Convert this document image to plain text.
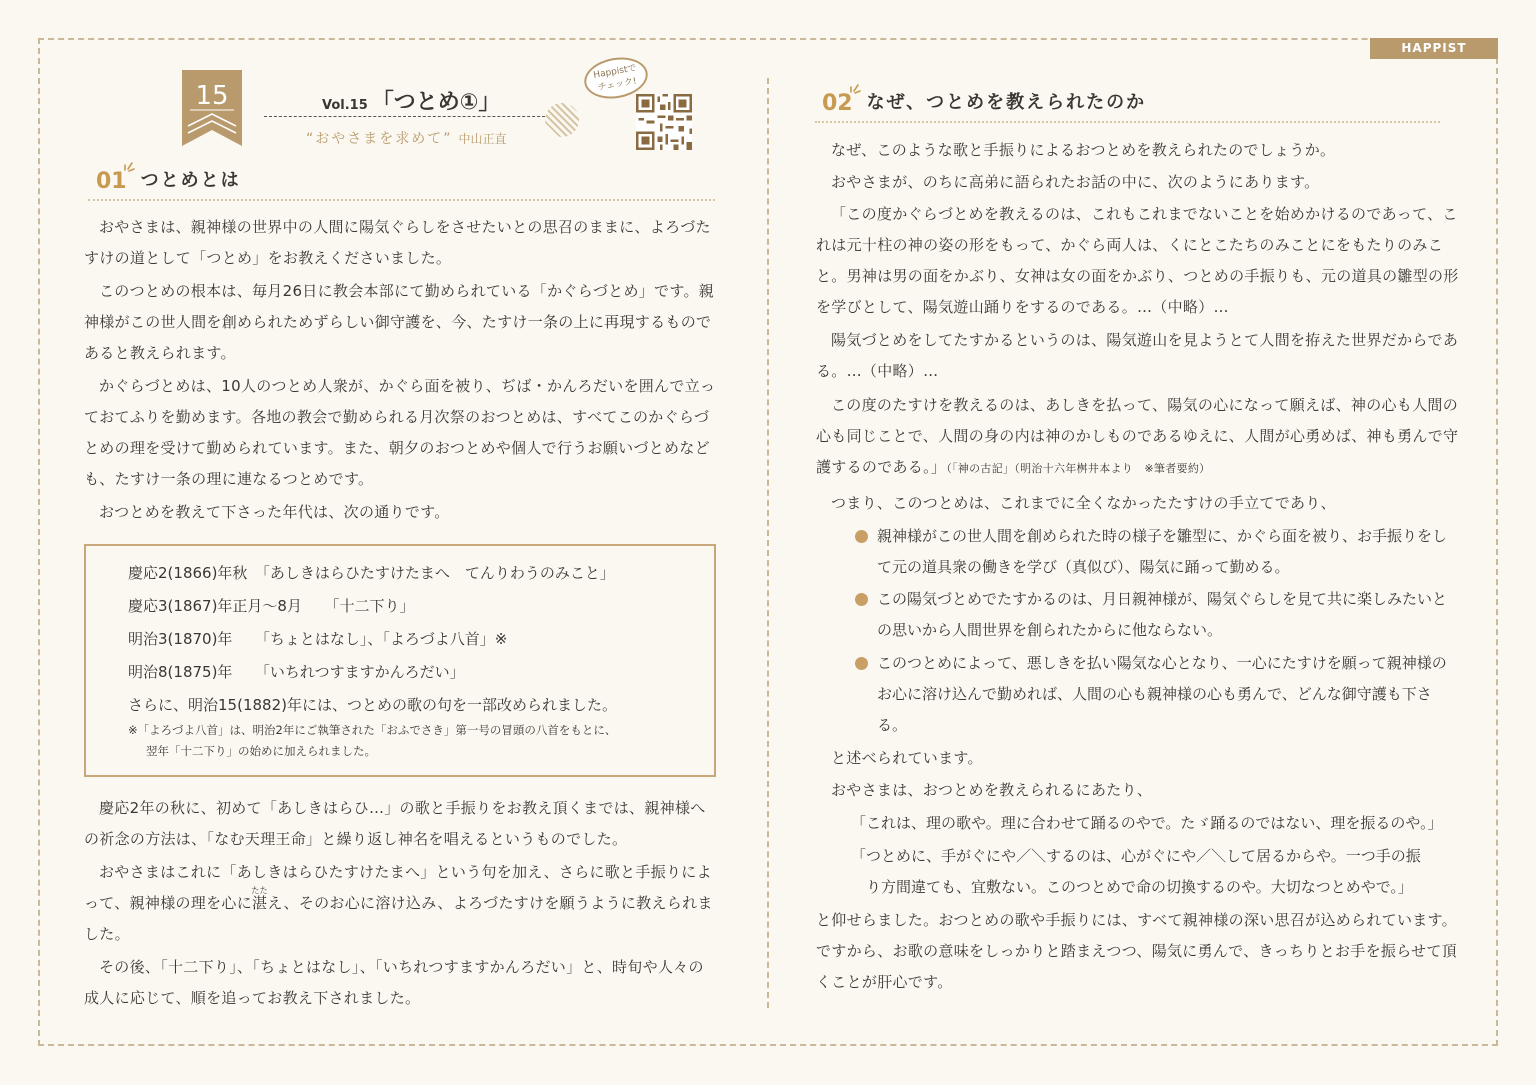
HAPPIST
15	Vol.15 「つとめ①」
“おやさまを求めて” 中山正直
Happistで
チェック!
01 つとめとは
おやさまは、親神様の世界中の人間に陽気ぐらしをさせたいとの思召のままに、よろづたすけの道として「つとめ」をお教えくださいました。
このつとめの根本は、毎月26日に教会本部にて勤められている「かぐらづとめ」です。親神様がこの世人間を創められためずらしい御守護を、今、たすけ一条の上に再現するものであると教えられます。
かぐらづとめは、10人のつとめ人衆が、かぐら面を被り、ぢば・かんろだいを囲んで立っておてふりを勤めます。各地の教会で勤められる月次祭のおつとめは、すべてこのかぐらづとめの理を受けて勤められています。また、朝夕のおつとめや個人で行うお願いづとめなども、たすけ一条の理に連なるつとめです。
おつとめを教えて下さった年代は、次の通りです。
慶応2(1866)年秋　「あしきはらひたすけたまへ　てんりわうのみこと」
慶応3(1867)年正月〜8月　　「十二下り」
明治3(1870)年　　「ちょとはなし」、「よろづよ八首」※
明治8(1875)年　　「いちれつすますかんろだい」
さらに、明治15(1882)年には、つとめの歌の句を一部改められました。
※「よろづよ八首」は、明治2年にご執筆された「おふでさき」第一号の冒頭の八首をもとに、
翌年「十二下り」の始めに加えられました。
慶応2年の秋に、初めて「あしきはらひ…」の歌と手振りをお教え頂くまでは、親神様への祈念の方法は、「なむ天理王命」と繰り返し神名を唱えるというものでした。
おやさまはこれに「あしきはらひたすけたまへ」という句を加え、さらに歌と手振りによって、親神様の理を心に湛たたえ、そのお心に溶け込み、よろづたすけを願うように教えられました。
その後、「十二下り」、「ちょとはなし」、「いちれつすますかんろだい」と、時旬や人々の成人に応じて、順を追ってお教え下されました。
02 なぜ、つとめを教えられたのか
なぜ、このような歌と手振りによるおつとめを教えられたのでしょうか。
おやさまが、のちに高弟に語られたお話の中に、次のようにあります。
「この度かぐらづとめを教えるのは、これもこれまでないことを始めかけるのであって、これは元十柱の神の姿の形をもって、かぐら両人は、くにとこたちのみことにをもたりのみこと。男神は男の面をかぶり、女神は女の面をかぶり、つとめの手振りも、元の道具の雛型の形を学びとして、陽気遊山踊りをするのである。…（中略）…
陽気づとめをしてたすかるというのは、陽気遊山を見ようとて人間を拵えた世界だからである。…（中略）…
この度のたすけを教えるのは、あしきを払って、陽気の心になって願えば、神の心も人間の心も同じことで、人間の身の内は神のかしものであるゆえに、人間が心勇めば、神も勇んで守護するのである。」（「神の古記」（明治十六年桝井本より　※筆者要約）
つまり、このつとめは、これまでに全くなかったたすけの手立てであり、
親神様がこの世人間を創められた時の様子を雛型に、かぐら面を被り、お手振りをして元の道具衆の働きを学び（真似び）、陽気に踊って勤める。
この陽気づとめでたすかるのは、月日親神様が、陽気ぐらしを見て共に楽しみたいとの思いから人間世界を創られたからに他ならない。
このつとめによって、悪しきを払い陽気な心となり、一心にたすけを願って親神様のお心に溶け込んで勤めれば、人間の心も親神様の心も勇んで、どんな御守護も下さる。
と述べられています。
おやさまは、おつとめを教えられるにあたり、
「これは、理の歌や。理に合わせて踊るのやで。たゞ踊るのではない、理を振るのや。」
「つとめに、手がぐにや／＼するのは、心がぐにや／＼して居るからや。一つ手の振
り方間違ても、宜敷ない。このつとめで命の切換するのや。大切なつとめやで。」
と仰せらました。おつとめの歌や手振りには、すべて親神様の深い思召が込められています。ですから、お歌の意味をしっかりと踏まえつつ、陽気に勇んで、きっちりとお手を振らせて頂くことが肝心です。
